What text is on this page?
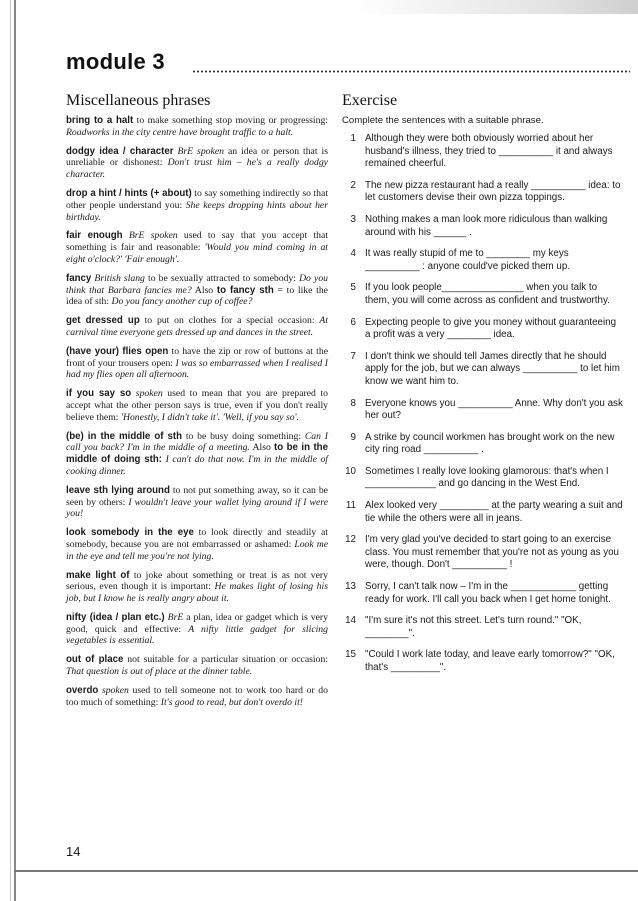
module 3
Miscellaneous phrases

bring to a halt to make something stop moving or progressing: Roadworks in the city centre have brought traffic to a halt.

dodgy idea / character BrE spoken an idea or person that is unreliable or dishonest: Don't trust him – he's a really dodgy character.

drop a hint / hints (+ about) to say something indirectly so that other people understand you: She keeps dropping hints about her birthday.

fair enough BrE spoken used to say that you accept that something is fair and reasonable: 'Would you mind coming in at eight o'clock?' 'Fair enough'.

fancy British slang to be sexually attracted to somebody: Do you think that Barbara fancies me? Also to fancy sth = to like the idea of sth: Do you fancy another cup of coffee?

get dressed up to put on clothes for a special occasion: At carnival time everyone gets dressed up and dances in the street.

(have your) flies open to have the zip or row of buttons at the front of your trousers open: I was so embarrassed when I realised I had my flies open all afternoon.

if you say so spoken used to mean that you are prepared to accept what the other person says is true, even if you don't really believe them: 'Honestly, I didn't take it'. 'Well, if you say so'.

(be) in the middle of sth to be busy doing something: Can I call you back? I'm in the middle of a meeting. Also to be in the middle of doing sth: I can't do that now. I'm in the middle of cooking dinner.

leave sth lying around to not put something away, so it can be seen by others: I wouldn't leave your wallet lying around if I were you!

look somebody in the eye to look directly and steadily at somebody, because you are not embarrassed or ashamed: Look me in the eye and tell me you're not lying.

make light of to joke about something or treat is as not very serious, even though it is important: He makes light of losing his job, but I know he is really angry about it.

nifty (idea / plan etc.) BrE a plan, idea or gadget which is very good, quick and effective: A nifty little gadget for slicing vegetables is essential.

out of place not suitable for a particular situation or occasion: That question is out of place at the dinner table.

overdo spoken used to tell someone not to work too hard or do too much of something: It's good to read, but don't overdo it!

Exercise
Complete the sentences with a suitable phrase.
1 Although they were both obviously worried about her husband's illness, they tried to __________ it and always remained cheerful.
2 The new pizza restaurant had a really __________ idea: to let customers devise their own pizza toppings.
3 Nothing makes a man look more ridiculous than walking around with his ______ .
4 It was really stupid of me to ________ my keys __________ : anyone could've picked them up.
5 If you look people_______________ when you talk to them, you will come across as confident and trustworthy.
6 Expecting people to give you money without guaranteeing a profit was a very ________ idea.
7 I don't think we should tell James directly that he should apply for the job, but we can always __________ to let him know we want him to.
8 Everyone knows you __________ Anne. Why don't you ask her out?
9 A strike by council workmen has brought work on the new city ring road __________ .
10 Sometimes I really love looking glamorous: that's when I _____________ and go dancing in the West End.
11 Alex looked very _________ at the party wearing a suit and tie while the others were all in jeans.
12 I'm very glad you've decided to start going to an exercise class. You must remember that you're not as young as you were, though. Don't __________ !
13 Sorry, I can't talk now – I'm in the ____________ getting ready for work. I'll call you back when I get home tonight.
14 "I'm sure it's not this street. Let's turn round." "OK, ________".
15 "Could I work late today, and leave early tomorrow?" "OK, that's _________".
14
